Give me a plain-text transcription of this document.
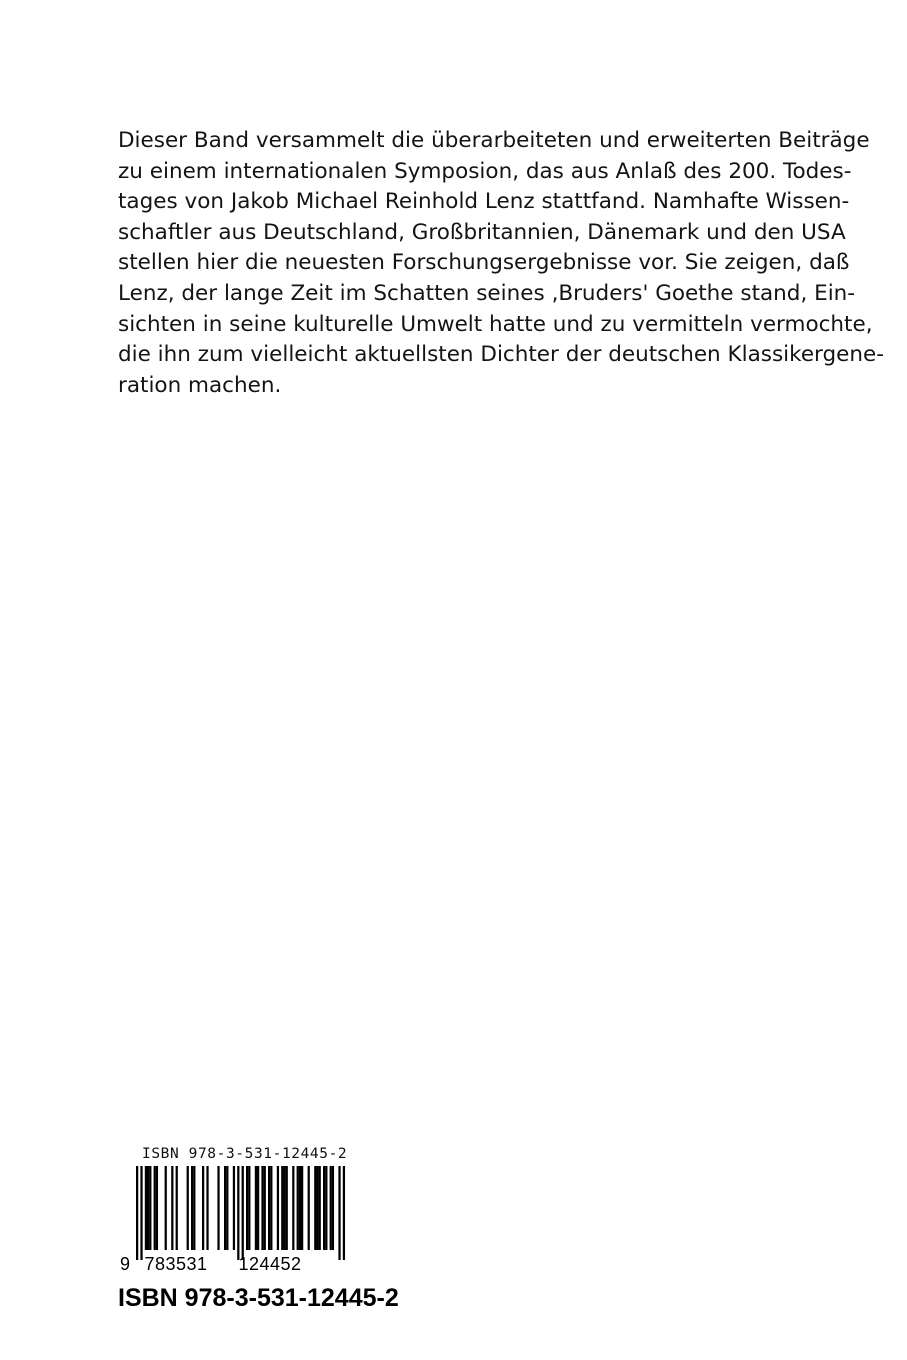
Dieser Band versammelt die überarbeiteten und erweiterten Beiträge
zu einem internationalen Symposion, das aus Anlaß des 200. Todes-
tages von Jakob Michael Reinhold Lenz stattfand. Namhafte Wissen-
schaftler aus Deutschland, Großbritannien, Dänemark und den USA
stellen hier die neuesten Forschungsergebnisse vor. Sie zeigen, daß
Lenz, der lange Zeit im Schatten seines ‚Bruders' Goethe stand, Ein-
sichten in seine kulturelle Umwelt hatte und zu vermitteln vermochte,
die ihn zum vielleicht aktuellsten Dichter der deutschen Klassikergene-
ration machen.
ISBN 978-3-531-12445-2
9 783531 124452
ISBN 978-3-531-12445-2
